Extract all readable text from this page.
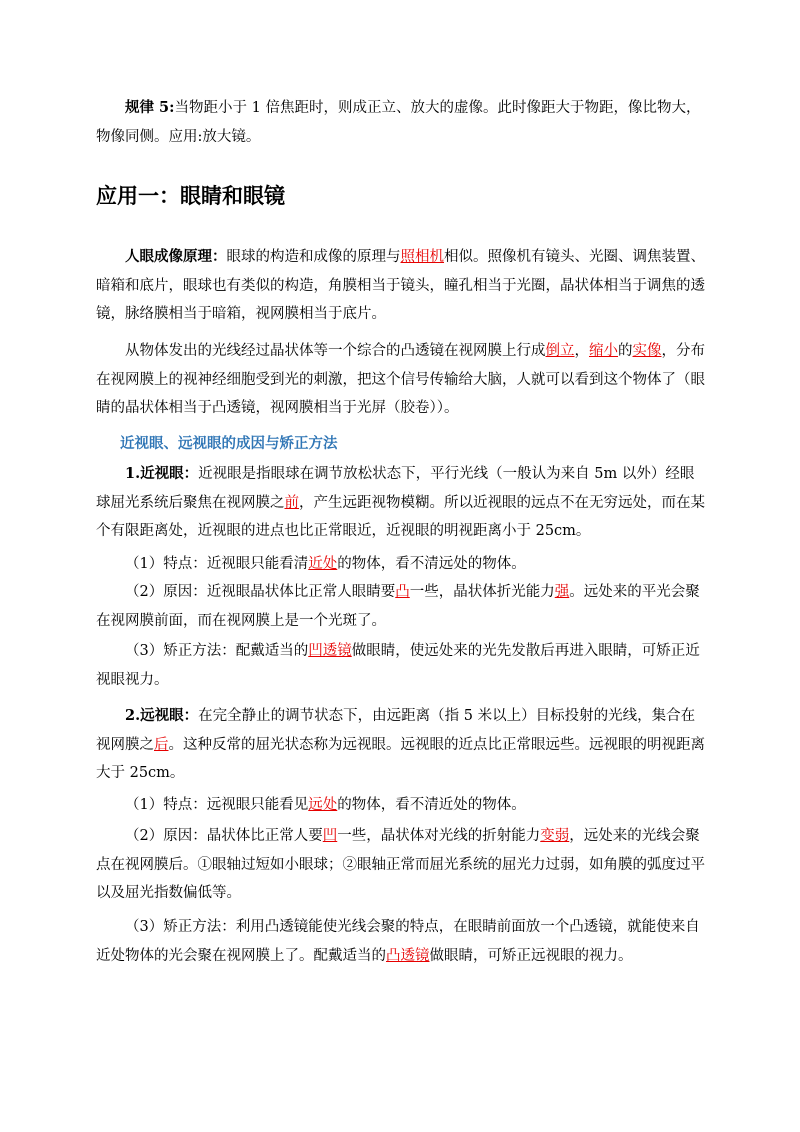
规律 5:当物距小于 1 倍焦距时，则成正立、放大的虚像。此时像距大于物距，像比物大，物像同侧。应用:放大镜。

应用一：眼睛和眼镜

人眼成像原理：眼球的构造和成像的原理与照相机相似。照像机有镜头、光圈、调焦装置、暗箱和底片，眼球也有类似的构造，角膜相当于镜头，瞳孔相当于光圈，晶状体相当于调焦的透镜，脉络膜相当于暗箱，视网膜相当于底片。

从物体发出的光线经过晶状体等一个综合的凸透镜在视网膜上行成倒立，缩小的实像，分布在视网膜上的视神经细胞受到光的刺激，把这个信号传输给大脑，人就可以看到这个物体了（眼睛的晶状体相当于凸透镜，视网膜相当于光屏（胶卷））。

近视眼、远视眼的成因与矫正方法

1.近视眼：近视眼是指眼球在调节放松状态下，平行光线（一般认为来自 5m 以外）经眼球屈光系统后聚焦在视网膜之前，产生远距视物模糊。所以近视眼的远点不在无穷远处，而在某个有限距离处，近视眼的进点也比正常眼近，近视眼的明视距离小于 25cm。

（1）特点：近视眼只能看清近处的物体，看不清远处的物体。

（2）原因：近视眼晶状体比正常人眼睛要凸一些，晶状体折光能力强。远处来的平光会聚在视网膜前面，而在视网膜上是一个光斑了。

（3）矫正方法：配戴适当的凹透镜做眼睛，使远处来的光先发散后再进入眼睛，可矫正近视眼视力。

2.远视眼：在完全静止的调节状态下，由远距离（指 5 米以上）目标投射的光线，集合在视网膜之后。这种反常的屈光状态称为远视眼。远视眼的近点比正常眼远些。远视眼的明视距离大于 25cm。

（1）特点：远视眼只能看见远处的物体，看不清近处的物体。

（2）原因：晶状体比正常人要凹一些，晶状体对光线的折射能力变弱，远处来的光线会聚点在视网膜后。①眼轴过短如小眼球；②眼轴正常而屈光系统的屈光力过弱，如角膜的弧度过平以及屈光指数偏低等。

（3）矫正方法：利用凸透镜能使光线会聚的特点，在眼睛前面放一个凸透镜，就能使来自近处物体的光会聚在视网膜上了。配戴适当的凸透镜做眼睛，可矫正远视眼的视力。
